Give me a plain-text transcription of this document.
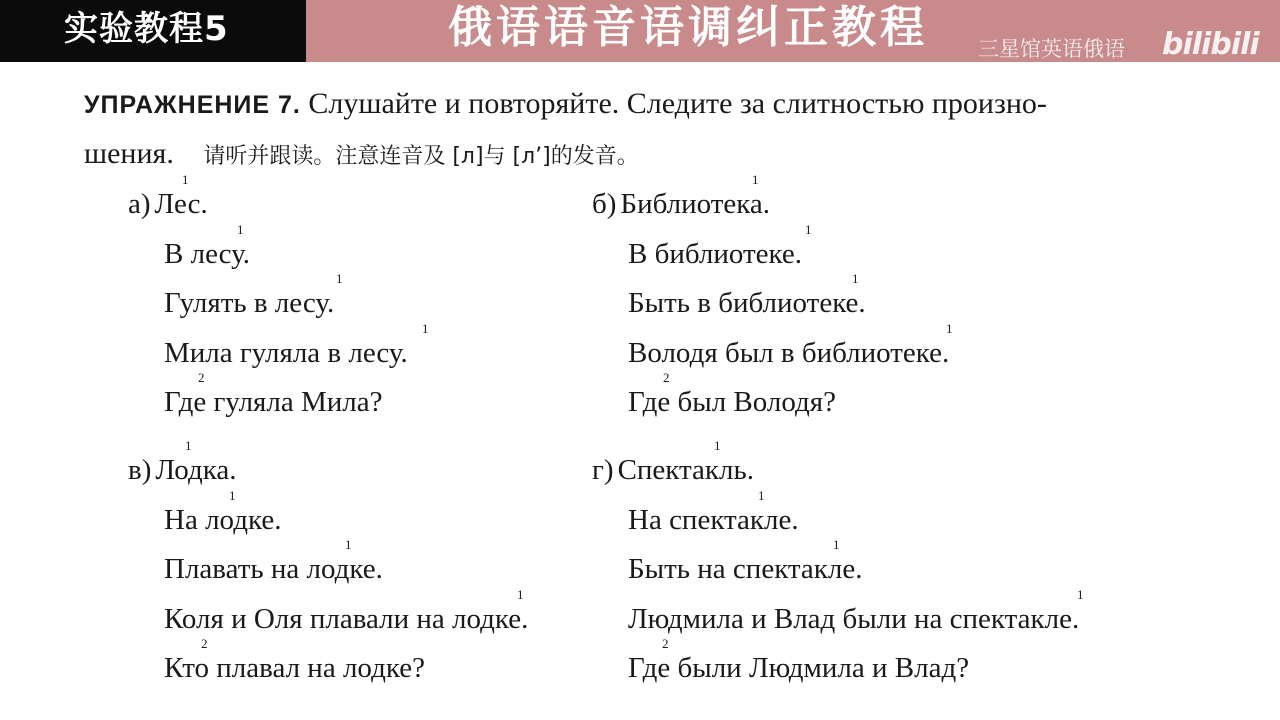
实验教程5	俄语语音语调纠正教程 三星馆英语俄语 bilibili
УПРАЖНЕНИЕ 7. Слушайте и повторяйте. Следите за слитностью произно-
шения. 请听并跟读。注意连音及 [л]与 [л’]的发音。
а) Лес.
1
В лесу.
1
Гулять в лесу.
1
Мила гуляла в лесу.
1
Где гуляла Мила?
2
б) Библиотека.
1
В библиотеке.
1
Быть в библиотеке.
1
Володя был в библиотеке.
1
Где был Володя?
2
в) Лодка.
1
На лодке.
1
Плавать на лодке.
1
Коля и Оля плавали на лодке.
1
Кто плавал на лодке?
2
г) Спектакль.
1
На спектакле.
1
Быть на спектакле.
1
Людмила и Влад были на спектакле.
1
Где были Людмила и Влад?
2
